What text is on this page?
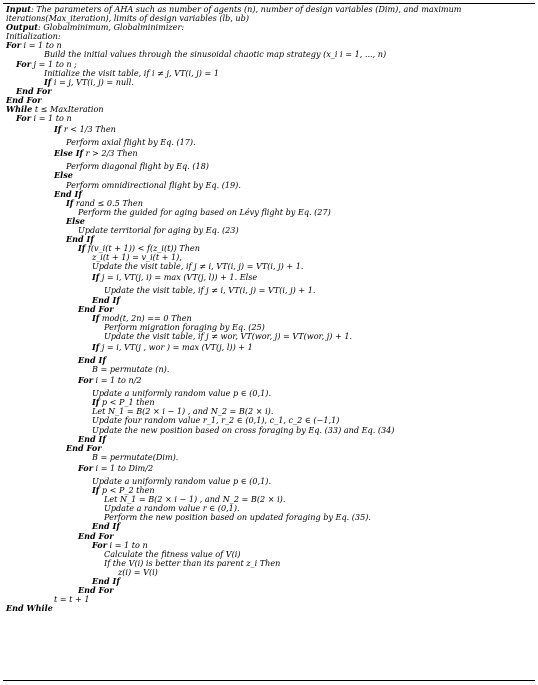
Input: The parameters of AHA such as number of agents (n), number of design variables (Dim), and maximum
iterations(Max_iteration), limits of design variables (lb, ub)
Output: Globalminimum, Globalminimizer:
Initialization:
For i = 1 to n
Build the initial values through the sinusoidal chaotic map strategy (x_i i = 1, ..., n)
For j = 1 to n ;
Initialize the visit table, if i ≠ j, VT(i, j) = 1
If i = j, VT(i, j) = null.
End For
End For
While t ≤ MaxIteration
For i = 1 to n
If r < 1/3 Then
Perform axial flight by Eq. (17).
Else If r > 2/3 Then
Perform diagonal flight by Eq. (18)
Else
Perform omnidirectional flight by Eq. (19).
End If
If rand ≤ 0.5 Then
Perform the guided for aging based on Lévy flight by Eq. (27)
Else
Update territorial for aging by Eq. (23)
End If
If f(v_i(t + 1)) < f(z_i(t)) Then
z_i(t + 1) = v_i(t + 1),
Update the visit table, if j ≠ i, VT(i, j) = VT(i, j) + 1.
If j = i, VT(j, i) = max (VT(j, l)) + 1. Else
Update the visit table, if j ≠ i, VT(i, j) = VT(i, j) + 1.
End If
End For
If mod(t, 2n) == 0 Then
Perform migration foraging by Eq. (25)
Update the visit table, if j ≠ wor, VT(wor, j) = VT(wor, j) + 1.
If j = i, VT(j , wor ) = max (VT(j, l)) + 1
End If
B = permutate (n).
For i = 1 to n/2
Update a uniformly random value p ∈ (0,1).
If p < P_1 then
Let N_1 = B(2 × i − 1) , and N_2 = B(2 × i).
Update four random value r_1, r_2 ∈ (0,1), c_1, c_2 ∈ (−1,1)
Update the new position based on cross foraging by Eq. (33) and Eq. (34)
End If
End For
B = permutate(Dim).
For i = 1 to Dim/2
Update a uniformly random value p ∈ (0,1).
If p < P_2 then
Let N_1 = B(2 × i − 1) , and N_2 = B(2 × i).
Update a random value r ∈ (0,1).
Perform the new position based on updated foraging by Eq. (35).
End If
End For
For i = 1 to n
Calculate the fitness value of V(i)
If the V(i) is better than its parent z_i Then
z(i) = V(i)
End If
End For
t = t + 1
End While
